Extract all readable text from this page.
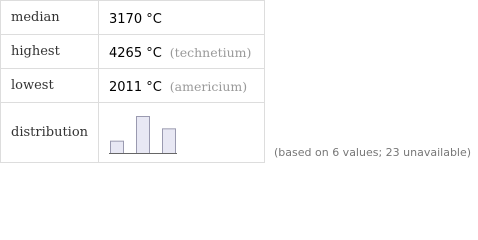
median	3170 °C
highest	4265 °C (technetium)
lowest	2011 °C (americium)
distribution	
(based on 6 values; 23 unavailable)
